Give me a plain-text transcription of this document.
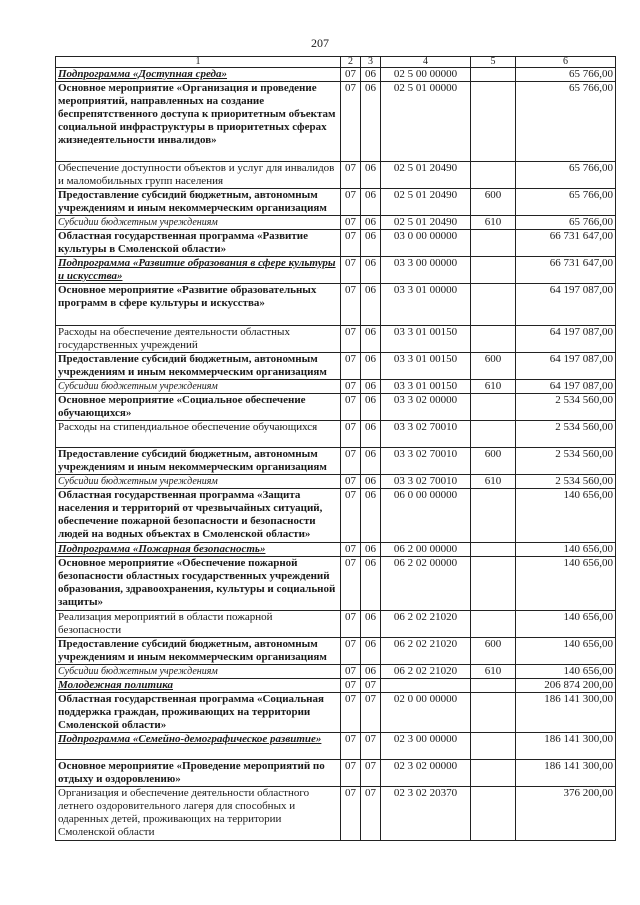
207
1	2	3	4	5	6
Подпрограмма «Доступная среда»	07	06	02 5 00 00000		65 766,00
Основное мероприятие «Организация и проведение мероприятий, направленных на создание беспрепятственного доступа к приоритетным объектам социальной инфраструктуры в приоритетных сферах жизнедеятельности инвалидов»	07	06	02 5 01 00000		65 766,00
Обеспечение доступности объектов и услуг для инвалидов и маломобильных групп населения	07	06	02 5 01 20490		65 766,00
Предоставление субсидий бюджетным, автономным учреждениям и иным некоммерческим организациям	07	06	02 5 01 20490	600	65 766,00
Субсидии бюджетным учреждениям	07	06	02 5 01 20490	610	65 766,00
Областная государственная программа «Развитие культуры в Смоленской области»	07	06	03 0 00 00000		66 731 647,00
Подпрограмма «Развитие образования в сфере культуры и искусства»	07	06	03 3 00 00000		66 731 647,00
Основное мероприятие «Развитие образовательных программ в сфере культуры и искусства»	07	06	03 3 01 00000		64 197 087,00
Расходы на обеспечение деятельности областных государственных учреждений	07	06	03 3 01 00150		64 197 087,00
Предоставление субсидий бюджетным, автономным учреждениям и иным некоммерческим организациям	07	06	03 3 01 00150	600	64 197 087,00
Субсидии бюджетным учреждениям	07	06	03 3 01 00150	610	64 197 087,00
Основное мероприятие «Социальное обеспечение обучающихся»	07	06	03 3 02 00000		2 534 560,00
Расходы на стипендиальное обеспечение обучающихся	07	06	03 3 02 70010		2 534 560,00
Предоставление субсидий бюджетным, автономным учреждениям и иным некоммерческим организациям	07	06	03 3 02 70010	600	2 534 560,00
Субсидии бюджетным учреждениям	07	06	03 3 02 70010	610	2 534 560,00
Областная государственная программа «Защита населения и территорий от чрезвычайных ситуаций, обеспечение пожарной безопасности и безопасности людей на водных объектах в Смоленской области»	07	06	06 0 00 00000		140 656,00
Подпрограмма «Пожарная безопасность»	07	06	06 2 00 00000		140 656,00
Основное мероприятие «Обеспечение пожарной безопасности областных государственных учреждений образования, здравоохранения, культуры и социальной защиты»	07	06	06 2 02 00000		140 656,00
Реализация мероприятий в области пожарной безопасности	07	06	06 2 02 21020		140 656,00
Предоставление субсидий бюджетным, автономным учреждениям и иным некоммерческим организациям	07	06	06 2 02 21020	600	140 656,00
Субсидии бюджетным учреждениям	07	06	06 2 02 21020	610	140 656,00
Молодежная политика	07	07			206 874 200,00
Областная государственная программа «Социальная поддержка граждан, проживающих на территории Смоленской области»	07	07	02 0 00 00000		186 141 300,00
Подпрограмма «Семейно-демографическое развитие»	07	07	02 3 00 00000		186 141 300,00
Основное мероприятие «Проведение мероприятий по отдыху и оздоровлению»	07	07	02 3 02 00000		186 141 300,00
Организация и обеспечение деятельности областного летнего оздоровительного лагеря для способных и одаренных детей, проживающих на территории Смоленской области	07	07	02 3 02 20370		376 200,00
